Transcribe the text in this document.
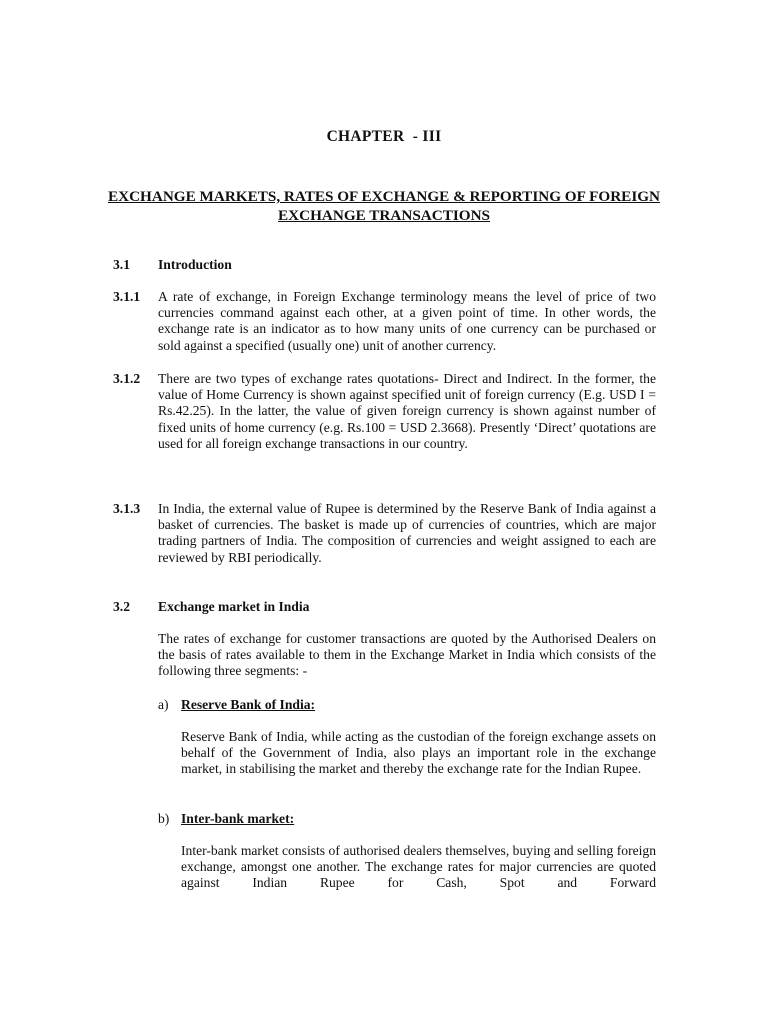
CHAPTER  - III
EXCHANGE MARKETS, RATES OF EXCHANGE & REPORTING OF FOREIGN EXCHANGE TRANSACTIONS
3.1 Introduction
3.1.1 A rate of exchange, in Foreign Exchange terminology means the level of price of two currencies command against each other, at a given point of time. In other words, the exchange rate is an indicator as to how many units of one currency can be purchased or sold against a specified (usually one) unit of another currency.
3.1.2 There are two types of exchange rates quotations- Direct and Indirect. In the former, the value of Home Currency is shown against specified unit of foreign currency (E.g. USD I = Rs.42.25). In the latter, the value of given foreign currency is shown against number of fixed units of home currency (e.g. Rs.100 = USD 2.3668). Presently ‘Direct’ quotations are used for all foreign exchange transactions in our country.
3.1.3 In India, the external value of Rupee is determined by the Reserve Bank of India against a basket of currencies. The basket is made up of currencies of countries, which are major trading partners of India. The composition of currencies and weight assigned to each are reviewed by RBI periodically.
3.2 Exchange market in India
The rates of exchange for customer transactions are quoted by the Authorised Dealers on the basis of rates available to them in the Exchange Market in India which consists of the following three segments: -
a) Reserve Bank of India:
Reserve Bank of India, while acting as the custodian of the foreign exchange assets on behalf of the Government of India, also plays an important role in the exchange market, in stabilising the market and thereby the exchange rate for the Indian Rupee.
b) Inter-bank market:
Inter-bank market consists of authorised dealers themselves, buying and selling foreign exchange, amongst one another. The exchange rates for major currencies are quoted against Indian Rupee for Cash, Spot and Forward
